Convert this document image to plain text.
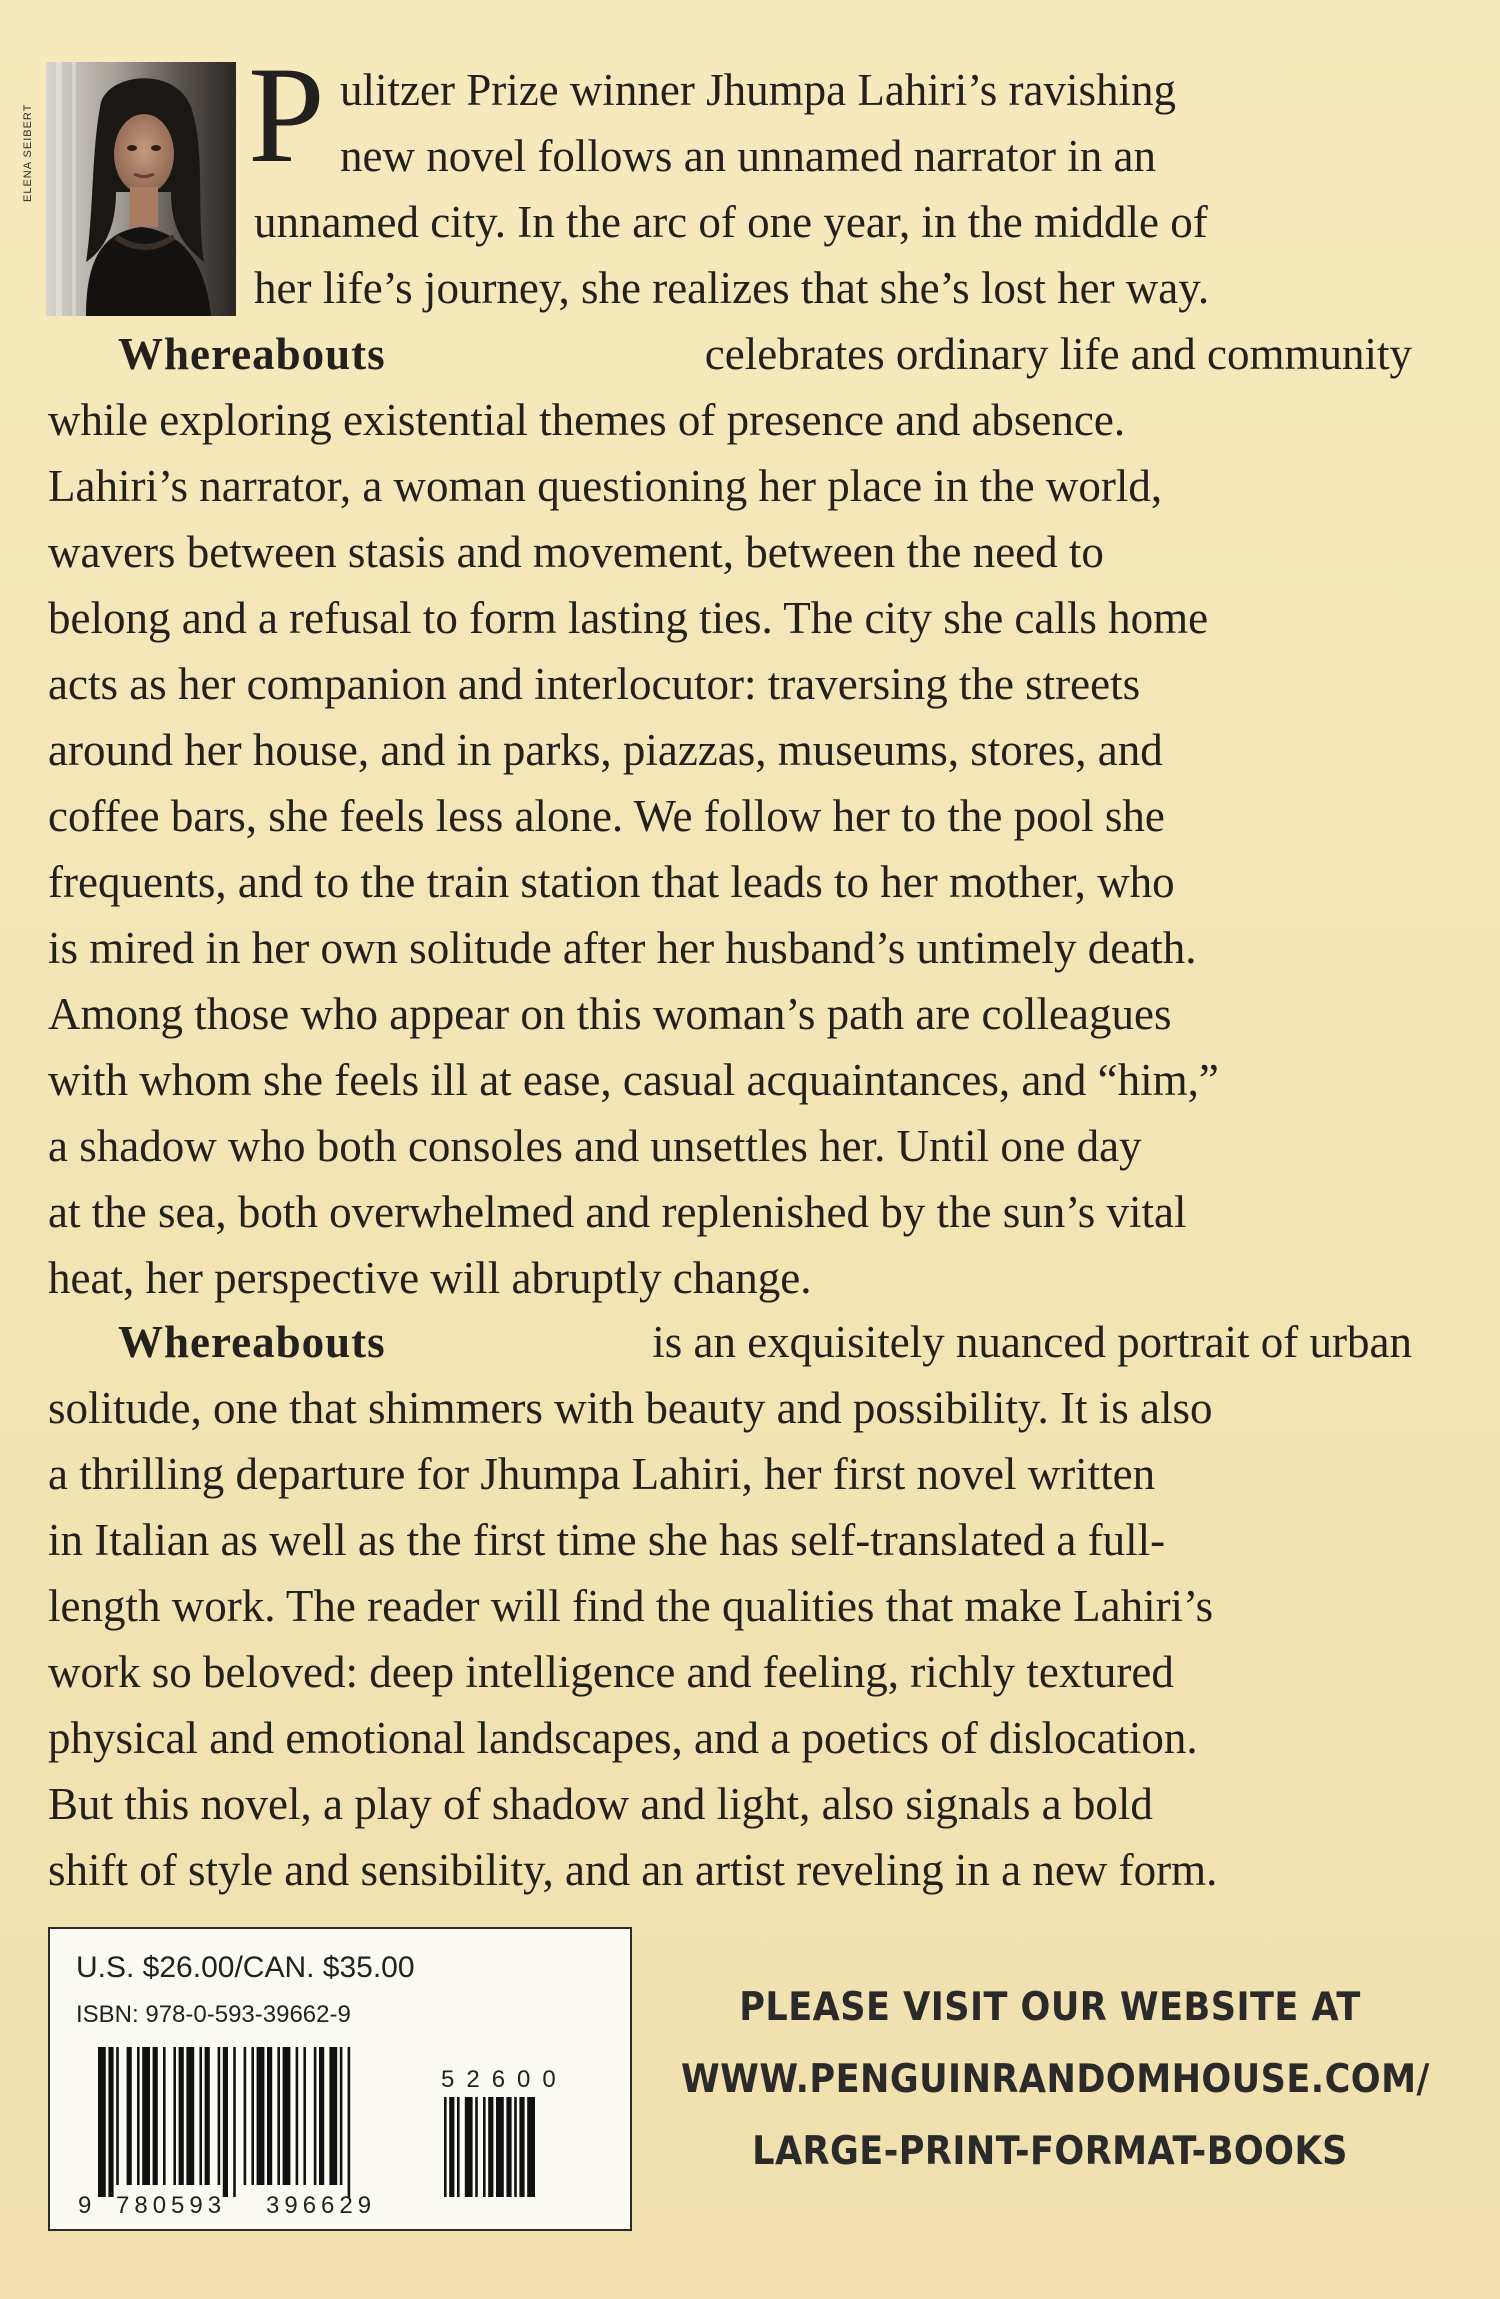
ELENA SEIBERT P ulitzer Prize winner Jhumpa Lahiri’s ravishing
new novel follows an unnamed narrator in an
unnamed city. In the arc of one year, in the middle of
her life’s journey, she realizes that she’s lost her way.
Whereabouts	celebrates ordinary life and community
while exploring existential themes of presence and absence.
Lahiri’s narrator, a woman questioning her place in the world,
wavers between stasis and movement, between the need to
belong and a refusal to form lasting ties. The city she calls home
acts as her companion and interlocutor: traversing the streets
around her house, and in parks, piazzas, museums, stores, and
coffee bars, she feels less alone. We follow her to the pool she
frequents, and to the train station that leads to her mother, who
is mired in her own solitude after her husband’s untimely death.
Among those who appear on this woman’s path are colleagues
with whom she feels ill at ease, casual acquaintances, and “him,”
a shadow who both consoles and unsettles her. Until one day
at the sea, both overwhelmed and replenished by the sun’s vital
heat, her perspective will abruptly change.
Whereabouts	is an exquisitely nuanced portrait of urban
solitude, one that shimmers with beauty and possibility. It is also
a thrilling departure for Jhumpa Lahiri, her first novel written
in Italian as well as the first time she has self-translated a full-
length work. The reader will find the qualities that make Lahiri’s
work so beloved: deep intelligence and feeling, richly textured
physical and emotional landscapes, and a poetics of dislocation.
But this novel, a play of shadow and light, also signals a bold
shift of style and sensibility, and an artist reveling in a new form.
U.S. $26.00/CAN. $35.00
ISBN: 978-0-593-39662-9
9 780593 396629
52600
PLEASE VISIT OUR WEBSITE AT
WWW.PENGUINRANDOMHOUSE.COM/
LARGE-PRINT-FORMAT-BOOKS
